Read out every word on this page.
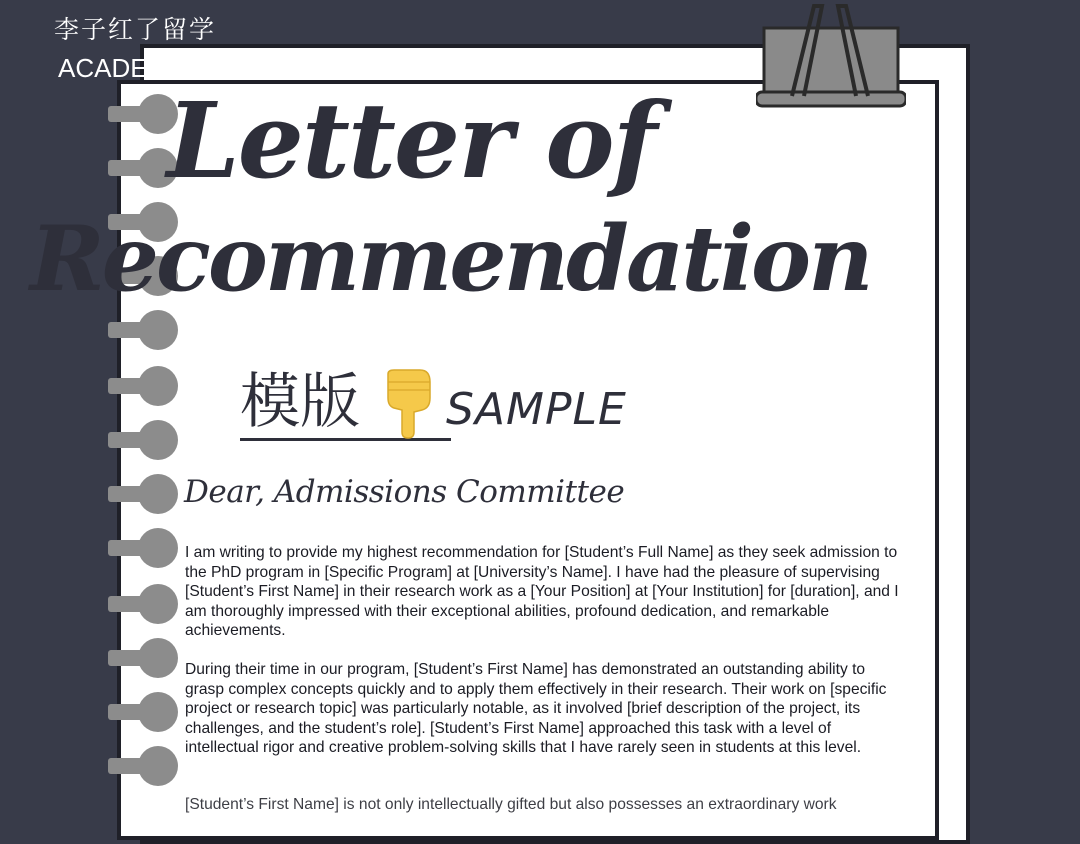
Letter of
Recommendation
模版	SAMPLE
Dear, Admissions Committee
I am writing to provide my highest recommendation for [Student’s Full Name] as they seek admission to the PhD program in [Specific Program] at [University’s Name]. I have had the pleasure of supervising [Student’s First Name] in their research work as a [Your Position] at [Your Institution] for [duration], and I am thoroughly impressed with their exceptional abilities, profound dedication, and remarkable achievements.
During their time in our program, [Student’s First Name] has demonstrated an outstanding ability to grasp complex concepts quickly and to apply them effectively in their research. Their work on [specific project or research topic] was particularly notable, as it involved [brief description of the project, its challenges, and the student’s role]. [Student’s First Name] approached this task with a level of intellectual rigor and creative problem-solving skills that I have rarely seen in students at this level.
[Student’s First Name] is not only intellectually gifted but also possesses an extraordinary work
李子红了留学
ACADEMICL
